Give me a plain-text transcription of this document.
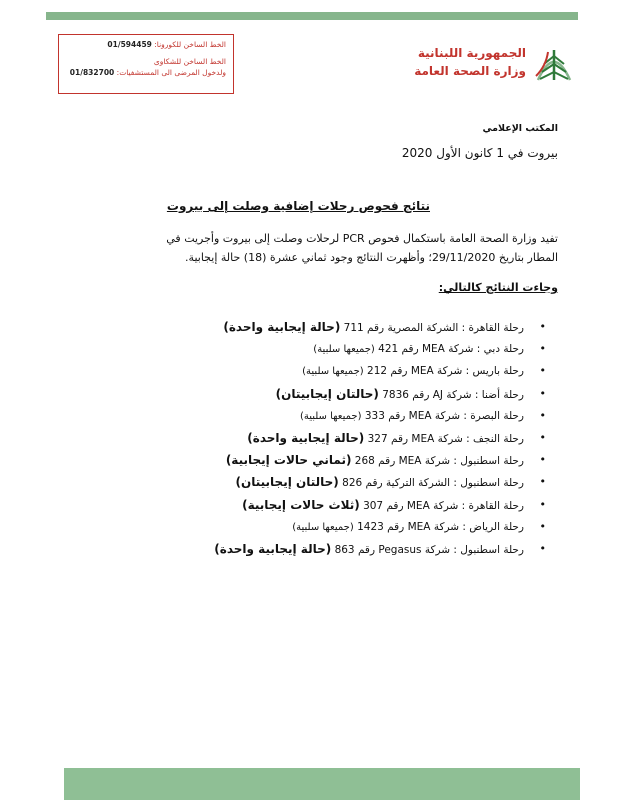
الخط الساخن للكورونا: 01/594459
الخط الساخن للشكاوى
ولدخول المرضى الى المستشفيات: 01/832700
الجمهورية اللبنانية
وزارة الصحة العامة
المكتب الإعلامي
بيروت في 1 كانون الأول 2020
نتائج فحوص رحلات إضافية وصلت إلى بيروت
تفيد وزارة الصحة العامة باستكمال فحوص PCR لرحلات وصلت إلى بيروت وأجريت في
المطار بتاريخ 29/11/2020؛ وأظهرت النتائج وجود ثماني عشرة (18) حالة إيجابية.
وجاءت النتائج كالتالي:
• رحلة القاهرة : الشركة المصرية رقم 711 (حالة إيجابية واحدة)
• رحلة دبي : شركة MEA رقم 421 (جميعها سلبية)
• رحلة باريس : شركة MEA رقم 212 (جميعها سلبية)
• رحلة أضنا : شركة AJ رقم 7836 (حالتان إيجابيتان)
• رحلة البصرة : شركة MEA رقم 333 (جميعها سلبية)
• رحلة النجف : شركة MEA رقم 327 (حالة إيجابية واحدة)
• رحلة اسطنبول : شركة MEA رقم 268 (ثماني حالات إيجابية)
• رحلة اسطنبول : الشركة التركية رقم 826 (حالتان إيجابيتان)
• رحلة القاهرة : شركة MEA رقم 307 (ثلاث حالات إيجابية)
• رحلة الرياض : شركة MEA رقم 1423 (جميعها سلبية)
• رحلة اسطنبول : شركة Pegasus رقم 863 (حالة إيجابية واحدة)
